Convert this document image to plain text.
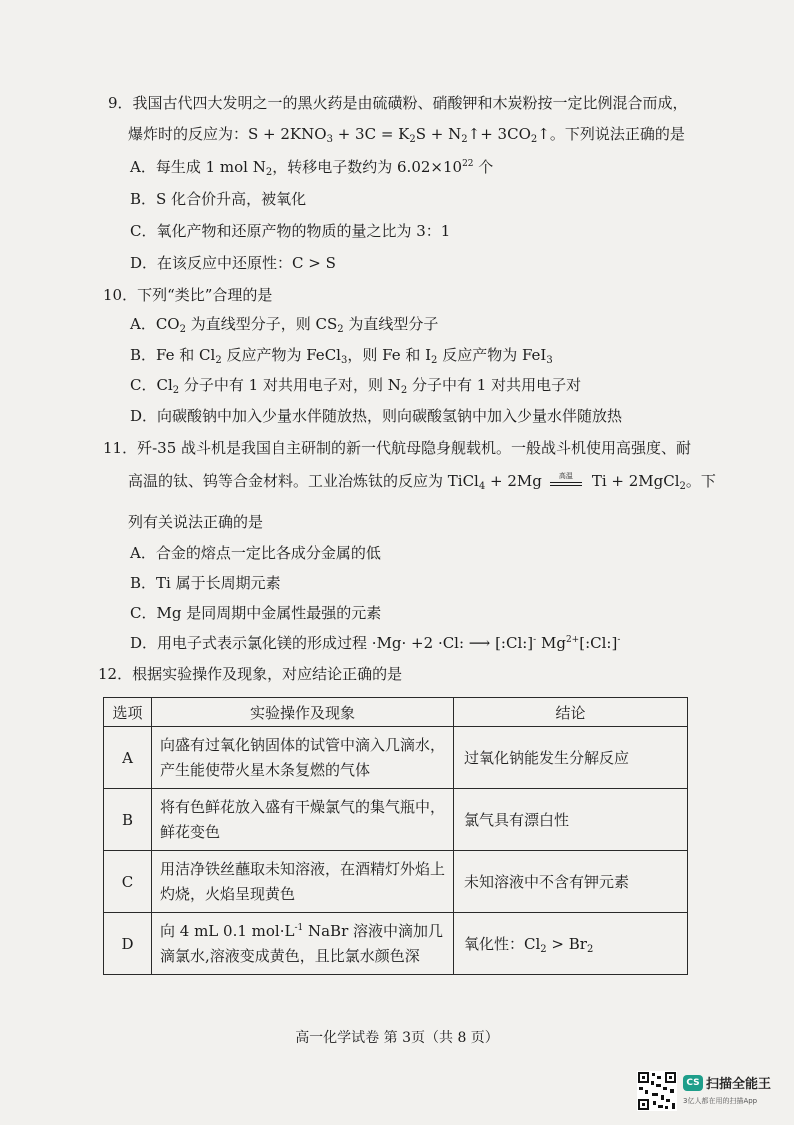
9．我国古代四大发明之一的黑火药是由硫磺粉、硝酸钾和木炭粉按一定比例混合而成，
爆炸时的反应为：$S + 2KNO_3 + 3C = K_2S$ + $N_2↑+$ $3CO_2↑$。下列说法正确的是
A．每生成 1 mol $N_2$，转移电子数约为 $6.02\times 10^{22}$ 个
B．S 化合价升高，被氧化
C．氧化产物和还原产物的物质的量之比为 3：1
D．在该反应中还原性：C > S
10．下列“类比”合理的是
A．$CO_2$ 为直线型分子，则 $CS_2$ 为直线型分子
B．Fe 和 $Cl_2$ 反应产物为 FeCl$_3$，则 Fe 和 $I_2$ 反应产物为 FeI$_3$
C．$Cl_2$ 分子中有 1 对共用电子对，则 $N_2$ 分子中有 1 对共用电子对
D．向碳酸钠中加入少量水伴随放热，则向碳酸氢钠中加入少量水伴随放热
11．歼-35 战斗机是我国自主研制的新一代航母隐身舰载机。一般战斗机使用高强度、耐
高温的钛、钨等合金材料。工业冶炼钛的反应为 TiCl$_4$ + 2Mg	高温	Ti + 2MgCl$_2$。下
列有关说法正确的是
A．合金的熔点一定比各成分金属的低
B．Ti 属于长周期元素
C．Mg 是同周期中金属性最强的元素
D．用电子式表示氯化镁的形成过程 ·Mg· +2 ·Cl: ⟶ [:Cl:]- $Mg^{2+}[:Cl:]^-$
12．根据实验操作及现象，对应结论正确的是
选项	实验操作及现象	结论
A	向盛有过氧化钠固体的试管中滴入几滴水，产生能使带火星木条复燃的气体	过氧化钠能发生分解反应
B	将有色鲜花放入盛有干燥氯气的集气瓶中，鲜花变色	氯气具有漂白性
C	用洁净铁丝蘸取未知溶液，在酒精灯外焰上灼烧，火焰呈现黄色	未知溶液中不含有钾元素
D	向 4 mL 0.1 $mol\cdot L^{-1}$ NaBr 溶液中滴加几滴氯水,溶液变成黄色，且比氯水颜色深	氧化性：$Cl_2 > Br_2$
高一化学试卷 第 3页（共 8 页）
CS 扫描全能王
3亿人都在用的扫描App
